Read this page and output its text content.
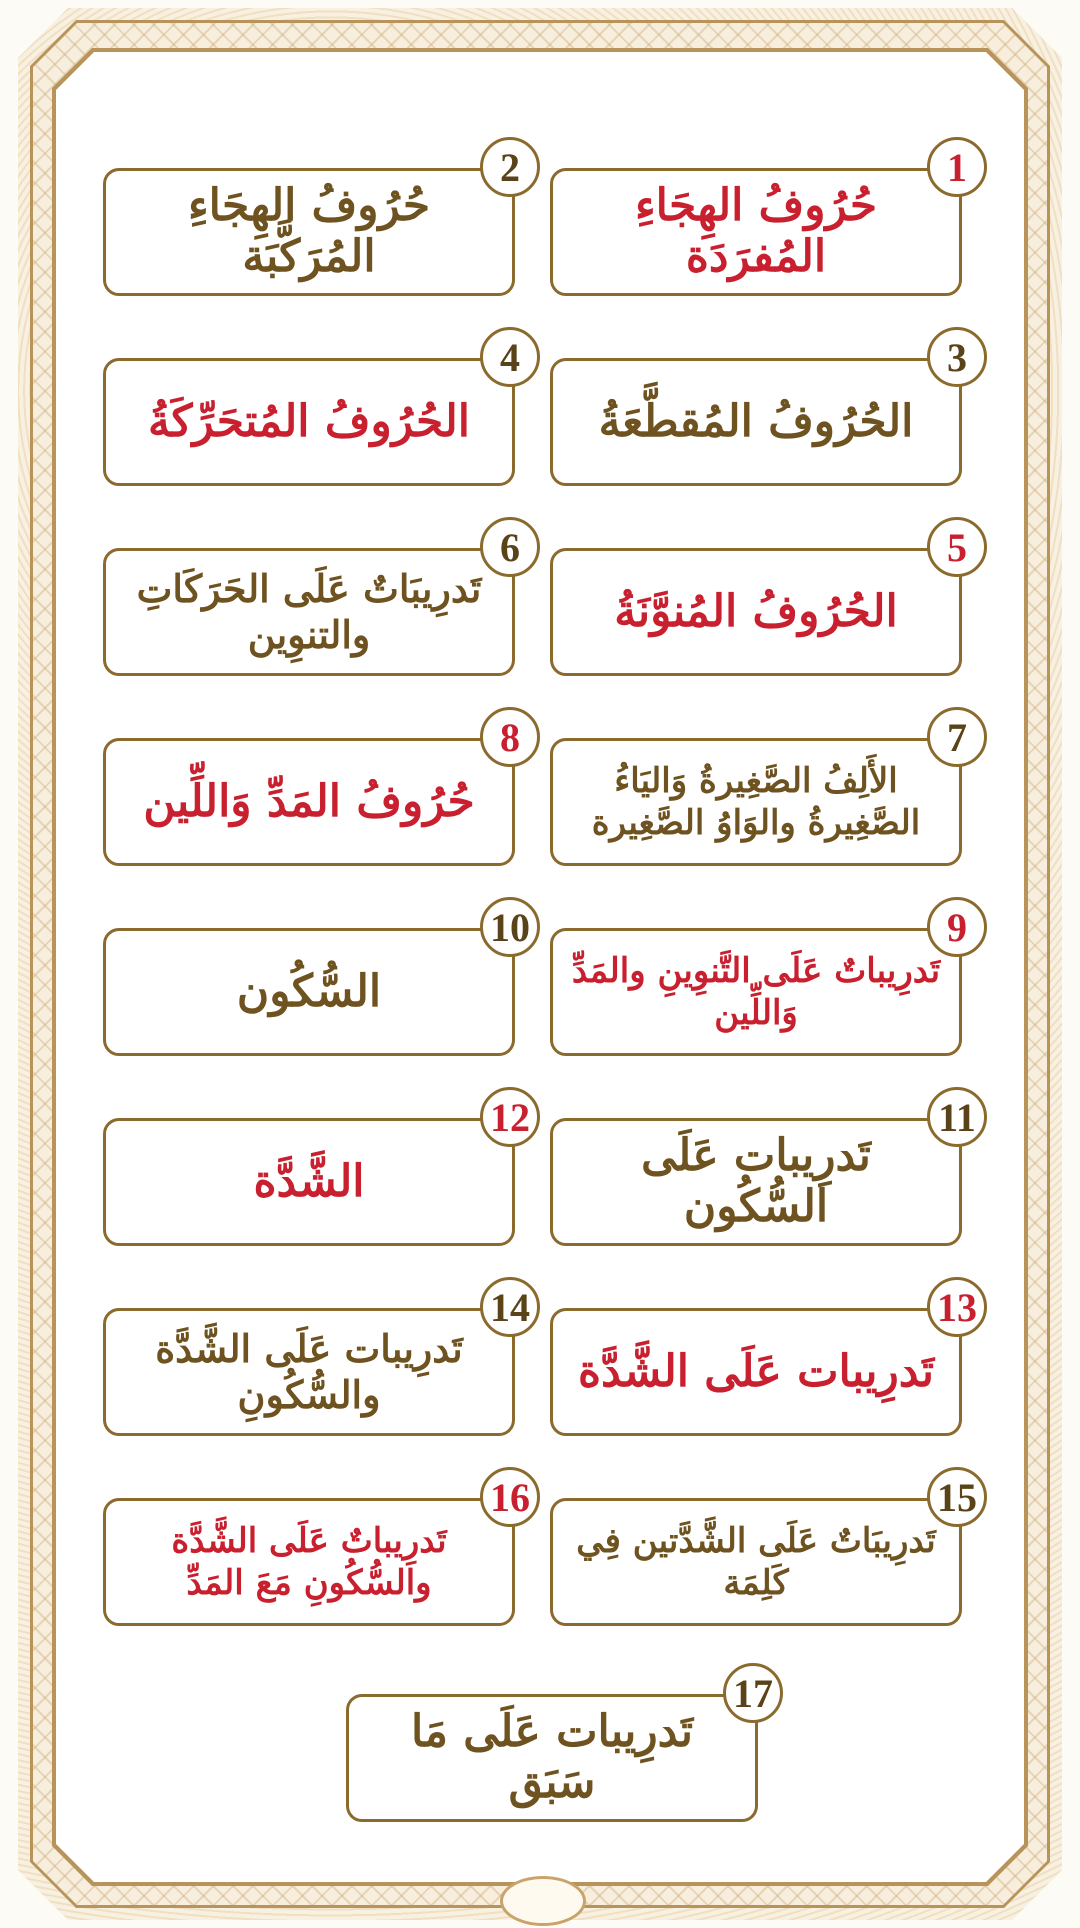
حُرُوفُ الهِجَاءِ المُفرَدَة
1
حُرُوفُ الهِجَاءِ المُرَكَّبَة
2
الحُرُوفُ المُقطَّعَةُ
3
الحُرُوفُ المُتحَرِّكَةُ
4
الحُرُوفُ المُنوَّنَةُ
5
تَدرِيبَاتٌ عَلَى الحَرَكَاتِ والتنوِين
6
الأَلِفُ الصَّغِيرةُ وَاليَاءُ الصَّغِيرةُ والوَاوُ الصَّغِيرة
7
حُرُوفُ المَدِّ وَاللِّين
8
تَدرِيباتٌ عَلَى التَّنوِينِ والمَدِّ وَاللِّين
9
السُّكُون
10
تَدرِيبات عَلَى السُّكُون
11
الشَّدَّة
12
تَدرِيبات عَلَى الشَّدَّة
13
تَدرِيبات عَلَى الشَّدَّة والسُّكُونِ
14
تَدرِيبَاتٌ عَلَى الشَّدَّتين فِي كَلِمَة
15
تَدرِيباتٌ عَلَى الشَّدَّة والسُّكُونِ مَعَ المَدِّ
16
تَدرِيبات عَلَى مَا سَبَق
17
